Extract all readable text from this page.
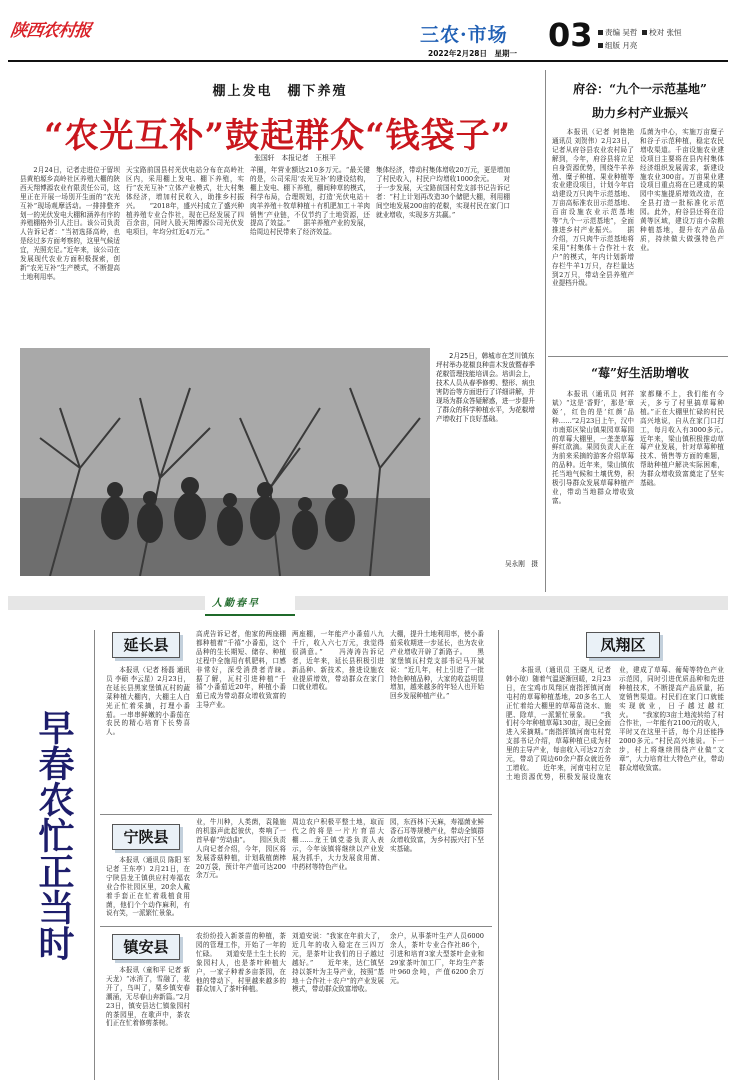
陕西农村报	三农·市场	03	责编 吴哲 校对 张恒
组版 月亮
2022年2月28日　星期一
棚上发电　棚下养殖
“农光互补”鼓起群众“钱袋子”
张国轩　本报记者　王根平
　　2月24日，记者走进位于留坝县黄柏塬乡高岭社区养殖大棚的陕西天翔博源农业有限责任公司，这里正在开展一场别开生面的“农光互补”现场观摩活动。一排排整齐划一的光伏发电大棚和涵养有序的养殖棚格外引人注目。该公司负责人告诉记者：“当初选择高岭，也是经过多方面考察的，这里气候适宜，光照充足。”近年来，该公司在发展现代农业方面积极探索，创新“农光互补”生产模式，不断提高土地利用率。
天宝路前国县村光伏电站分布在高岭社区内，采用棚上发电、棚下养殖，实行“农光互补”立体产业模式，壮大村集体经济，增加村民收入，助推乡村振兴。　　“2018年，盛兴村成立了盛兴种植养殖专业合作社，现在已经发展了四百余亩，同时入股天翔博源公司光伏发电项目，年均分红近4万元。”
羊圈，年营业额达210多万元。“最关键的是，公司采用‘农光互补’的建设结构，棚上发电、棚下养殖，棚间种草的模式，科学布局，合理规划，打造‘光伏电站＋肉羊养殖＋牧草种植＋有机肥加工＋羊肉销售’产业链，不仅节约了土地资源，还提高了效益。”　　据羊养殖产业的发展，给周边村民带来了经济效益。
集体经济，带动村集体增收20万元，更是增加了村民收入，村民户均增收1000余元。　　对于一步发展，天宝路前国村党支部书记告诉记者：“村上计划再改造30个储肥大棚，利用棚间空地发展200亩的花椒，实现村民在家门口就业增收，实现多方共赢。”
　　2月25日，韩城市在芝川镇东坪村举办花椒良种苗木发放暨春季花椒管理技能培训会。培训会上，技术人员从春季修剪、整形、病虫害防治等方面进行了详细讲解，并现场为群众答疑解惑，进一步提升了群众的科学种植水平，为花椒增产增收打下良好基础。
吴永刚　摄
府谷：“九个一示范基地”
助力乡村产业振兴
　　本报讯（记者 何艳艳 通讯员 刘贺伟）2月23日，记者从府谷县农业农村局了解到，今年，府谷县将立足自身资源优势，围绕牛羊养殖、糜子种植、果业种植等农业建设项目，计划今年启动建设万只肉牛示范基地、万亩高标准农田示范基地、百亩设施农业示范基地等“九个一示范基地”，全面推进乡村产业振兴。　　据介绍，万只肉牛示范基地将采用“村集体＋合作社＋农户”的模式，年内计划新增存栏牛羊1万只，存栏量达到2万只，带动全县养殖产业提档升级。
瓜菌为中心，实施万亩糜子和谷子示范种植，稳定农民增收渠道。千亩设施农业建设项目主要将在县内村集体经济组织发展需求，新建设施农业300亩。万亩果业建设项目重点将在已建成的果园中实施提质增效改造，在全县打造一批标准化示范园。此外，府谷县还将在沿黄等区域，建设万亩小杂粮种植基地，提升农产品品质，持续做大做强特色产业。
“莓”好生活助增收
　　本报讯（通讯员 何祥斌）“这是‘香野’，那是‘章姬’，红色的是‘红颜’品种……”2月23日上午，汉中市南郑区梁山镇果园草莓园的草莓大棚里，一垄垄草莓鲜红欲滴。果园负责人正在为前来采摘的游客介绍草莓的品种。近年来，梁山镇依托当地气候和土壤优势，积极引导群众发展草莓种植产业，带动当地群众增收致富。
家都赚不上，我们能有今天，多亏了村里搞草莓种植。”正在大棚里忙碌的村民高兴地说，自从在家门口打工，每月收入有3000多元。　　近年来，梁山镇积极推动草莓产业发展，针对草莓种植技术、销售等方面的难题，帮助种植户解决实际困难，为群众增收致富奠定了坚实基础。
人勤春早
早春农忙正当时
延长县
　　本报讯（记者 杨磊 通讯员 李硕 李云星）2月23日，在延长县黑家堡镇瓦村的蔬菜种植大棚内，大棚主人白光正忙着采摘，打理小番茄。一串串鲜嫩的小番茄在农民的精心培育下长势喜人。
高虎告诉记者，他家的两座棚都种植着“千禧”小番茄，这个品种的生长期短、储存、种植过程中全施用有机肥料，口感非常好，深受消费者青睐。　　据了解，瓦村引进种植“千禧”小番茄近20年，种植小番茄已成为带动群众增收致富的主导产业。
两座棚，一年能产小番茄八九千斤，收入六七万元，我觉得很满意。”　　冯涛涛告诉记者，近年来，延长县积极引进新品种、新技术，推进设施农业提质增效，带动群众在家门口就业增收。
大棚，提升土地利用率，使小番茄采收期进一步延长，也为农业产业增收开辟了新路子。　　黑家堡镇瓦村党支部书记马开斌说：“近几年，村上引进了一批特色种植品种，大家的收益明显增加，越来越多的年轻人也开始回乡发展种植产业。”
宁陕县
　　本报讯（通讯员 陈阳 军 记者 王东亭）2月21日，在宁陕县龙王镇供应村寿福农业合作社园区里，20余人戴着手套正在忙着栽植食用菌，他们个个动作麻利，有说有笑，一派繁忙景象。
业，牛川种，人类菌，袁隆施的机器声此起彼伏，奏响了一首早春“劳动曲”。　　园区负责人向记者介绍，今年，园区将发展香菇种植，计划栽植菌棒20万袋，预计年产值可达200余万元。
周边农户积极平整土地，取而代之的将是一片片育苗大棚……龙王镇党委负责人表示，今年该镇将继续以产业发展为抓手，大力发展食用菌、中药材等特色产业。
园，东西林下天麻，寿福菌业鲜香石耳等规模产业，带动全镇群众增收致富，为乡村振兴打下坚实基础。
镇安县
　　本报讯（童和平 记者 新天龙）“冰消了，雪融了，花开了，鸟叫了，栗乡镇安春潮涌，无尽春山奔新篇。”2月23日，镇安县达仁镇象园村的茶园里，在歌声中，茶农们正在忙着修剪茶树。
农纷纷投入新茶苗的种植，茶园的管理工作，开始了一年的忙碌。　　刘道安是土生土长的象园村人，也是茶叶种植大户，一家子种着多亩茶园，在他的带动下，村里越来越多的群众加入了茶叶种植。
刘道安说：“我家在年前大了，近几年的收入稳定在三四万元，是茶叶让我们的日子越过越好。”　　近年来，达仁镇坚持以茶叶为主导产业，按照“基地＋合作社＋农户”的产业发展模式，带动群众致富增收。
余户，从事茶叶生产人员6000余人，茶叶专业合作社86个，引进和培育3家大型茶叶企业和29家茶叶加工厂，年均生产茶叶960余吨，产值6200余万元。
凤翔区
　　本报讯（通讯员 王晓凡 记者 韩小琼）随着气温逐渐回暖，2月23日，在宝鸡市凤翔区南指挥镇河南屯村的草莓种植基地，20多名工人正忙着给大棚里的草莓苗浇水、施肥、除草，一派繁忙景象。　　“我们村今年种植草莓130亩，现已全面进入采摘期。”南指挥镇河南屯村党支部书记介绍，草莓种植已成为村里的主导产业，每亩收入可达2万余元，带动了周边60余户群众就近务工增收。　　近年来，河南屯村立足土地资源优势，积极发展设施农业，建成了草莓、葡萄等特色产业示范园，同时引进优质品种和先进种植技术，不断提高产品质量，拓宽销售渠道。村民们在家门口就能实现就业，日子越过越红火。　　“我家的3亩土地流转给了村合作社，一年能有2100元的收入，平时又在这里干活，每个月还能挣2000多元。”村民高兴地说。下一步，村上将继续围绕产业做“文章”，大力培育壮大特色产业，带动群众增收致富。
